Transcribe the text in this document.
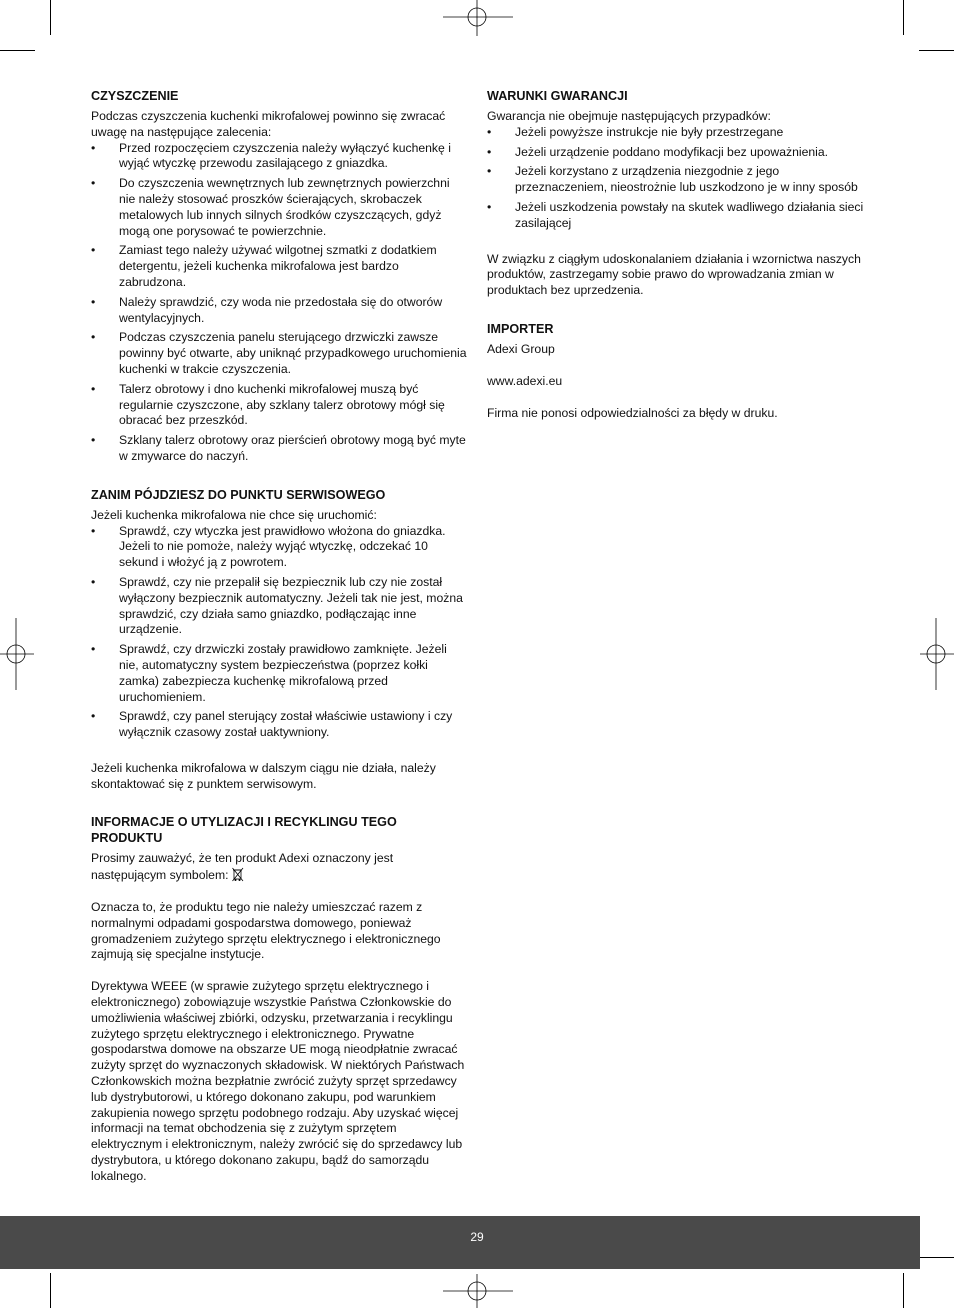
CZYSZCZENIE

Podczas czyszczenia kuchenki mikrofalowej powinno się zwracać uwagę na następujące zalecenia:

• Przed rozpoczęciem czyszczenia należy wyłączyć kuchenkę i wyjąć wtyczkę przewodu zasilającego z gniazdka.
• Do czyszczenia wewnętrznych lub zewnętrznych powierzchni nie należy stosować proszków ścierających, skrobaczek metalowych lub innych silnych środków czyszczących, gdyż mogą one porysować te powierzchnie.
• Zamiast tego należy używać wilgotnej szmatki z dodatkiem detergentu, jeżeli kuchenka mikrofalowa jest bardzo zabrudzona.
• Należy sprawdzić, czy woda nie przedostała się do otworów wentylacyjnych.
• Podczas czyszczenia panelu sterującego drzwiczki zawsze powinny być otwarte, aby uniknąć przypadkowego uruchomienia kuchenki w trakcie czyszczenia.
• Talerz obrotowy i dno kuchenki mikrofalowej muszą być regularnie czyszczone, aby szklany talerz obrotowy mógł się obracać bez przeszkód.
• Szklany talerz obrotowy oraz pierścień obrotowy mogą być myte w zmywarce do naczyń.
ZANIM PÓJDZIESZ DO PUNKTU SERWISOWEGO

Jeżeli kuchenka mikrofalowa nie chce się uruchomić:

• Sprawdź, czy wtyczka jest prawidłowo włożona do gniazdka. Jeżeli to nie pomoże, należy wyjąć wtyczkę, odczekać 10 sekund i włożyć ją z powrotem.
• Sprawdź, czy nie przepalił się bezpiecznik lub czy nie został wyłączony bezpiecznik automatyczny. Jeżeli tak nie jest, można sprawdzić, czy działa samo gniazdko, podłączając inne urządzenie.
• Sprawdź, czy drzwiczki zostały prawidłowo zamknięte. Jeżeli nie, automatyczny system bezpieczeństwa (poprzez kołki zamka) zabezpiecza kuchenkę mikrofalową przed uruchomieniem.
• Sprawdź, czy panel sterujący został właściwie ustawiony i czy wyłącznik czasowy został uaktywniony.

Jeżeli kuchenka mikrofalowa w dalszym ciągu nie działa, należy skontaktować się z punktem serwisowym.

INFORMACJE O UTYLIZACJI I RECYKLINGU TEGO PRODUKTU

Prosimy zauważyć, że ten produkt Adexi oznaczony jest następującym symbolem:

Oznacza to, że produktu tego nie należy umieszczać razem z normalnymi odpadami gospodarstwa domowego, ponieważ gromadzeniem zużytego sprzętu elektrycznego i elektronicznego zajmują się specjalne instytucje.

Dyrektywa WEEE (w sprawie zużytego sprzętu elektrycznego i elektronicznego) zobowiązuje wszystkie Państwa Członkowskie do umożliwienia właściwej zbiórki, odzysku, przetwarzania i recyklingu zużytego sprzętu elektrycznego i elektronicznego. Prywatne gospodarstwa domowe na obszarze UE mogą nieodpłatnie zwracać zużyty sprzęt do wyznaczonych składowisk. W niektórych Państwach Członkowskich można bezpłatnie zwrócić zużyty sprzęt sprzedawcy lub dystrybutorowi, u którego dokonano zakupu, pod warunkiem zakupienia nowego sprzętu podobnego rodzaju. Aby uzyskać więcej informacji na temat obchodzenia się z zużytym sprzętem elektrycznym i elektronicznym, należy zwrócić się do sprzedawcy lub dystrybutora, u którego dokonano zakupu, bądź do samorządu lokalnego.

WARUNKI GWARANCJI

Gwarancja nie obejmuje następujących przypadków:

• Jeżeli powyższe instrukcje nie były przestrzegane
• Jeżeli urządzenie poddano modyfikacji bez upoważnienia.
• Jeżeli korzystano z urządzenia niezgodnie z jego przeznaczeniem, nieostrożnie lub uszkodzono je w inny sposób
• Jeżeli uszkodzenia powstały na skutek wadliwego działania sieci zasilającej

W związku z ciągłym udoskonalaniem działania i wzornictwa naszych produktów, zastrzegamy sobie prawo do wprowadzania zmian w produktach bez uprzedzenia.

IMPORTER

Adexi Group

www.adexi.eu

Firma nie ponosi odpowiedzialności za błędy w druku.

29
